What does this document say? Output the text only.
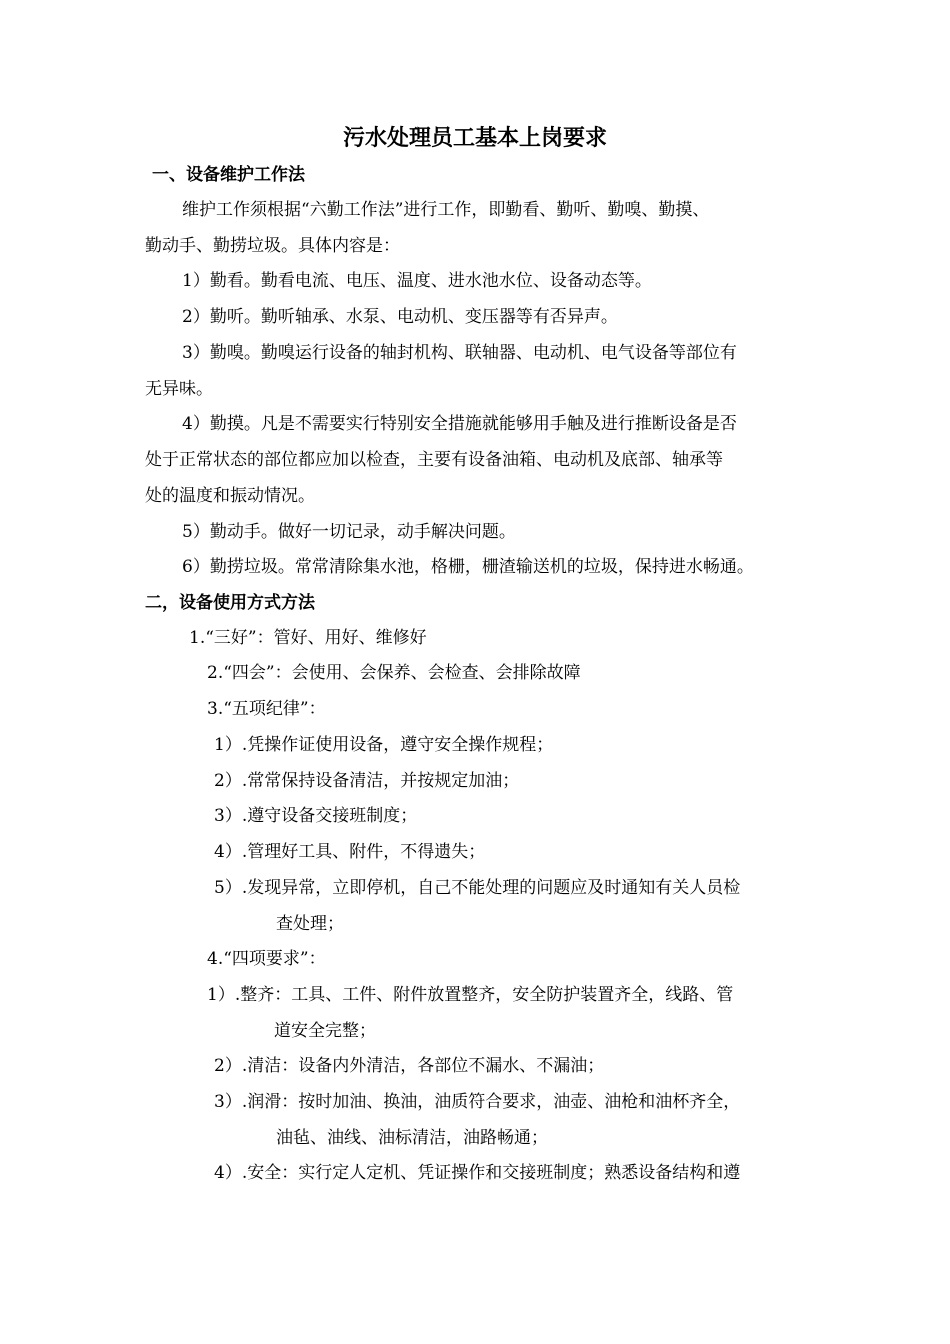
污水处理员工基本上岗要求
一、设备维护工作法
维护工作须根据“六勤工作法”进行工作，即勤看、勤听、勤嗅、勤摸、
勤动手、勤捞垃圾。具体内容是：
1）勤看。勤看电流、电压、温度、进水池水位、设备动态等。
2）勤听。勤听轴承、水泵、电动机、变压器等有否异声。
3）勤嗅。勤嗅运行设备的轴封机构、联轴器、电动机、电气设备等部位有
无异味。
4）勤摸。凡是不需要实行特别安全措施就能够用手触及进行推断设备是否
处于正常状态的部位都应加以检查，主要有设备油箱、电动机及底部、轴承等
处的温度和振动情况。
5）勤动手。做好一切记录，动手解决问题。
6）勤捞垃圾。常常清除集水池，格栅，栅渣输送机的垃圾，保持进水畅通。
二，设备使用方式方法
1.“三好”：管好、用好、维修好
2.“四会”：会使用、会保养、会检查、会排除故障
3.“五项纪律”：
1）.凭操作证使用设备，遵守安全操作规程；
2）.常常保持设备清洁，并按规定加油；
3）.遵守设备交接班制度；
4）.管理好工具、附件，不得遗失；
5）.发现异常，立即停机，自己不能处理的问题应及时通知有关人员检
查处理；
4.“四项要求”：
1）.整齐：工具、工件、附件放置整齐，安全防护装置齐全，线路、管
道安全完整；
2）.清洁：设备内外清洁，各部位不漏水、不漏油；
3）.润滑：按时加油、换油，油质符合要求，油壶、油枪和油杯齐全，
油毡、油线、油标清洁，油路畅通；
4）.安全：实行定人定机、凭证操作和交接班制度；熟悉设备结构和遵
